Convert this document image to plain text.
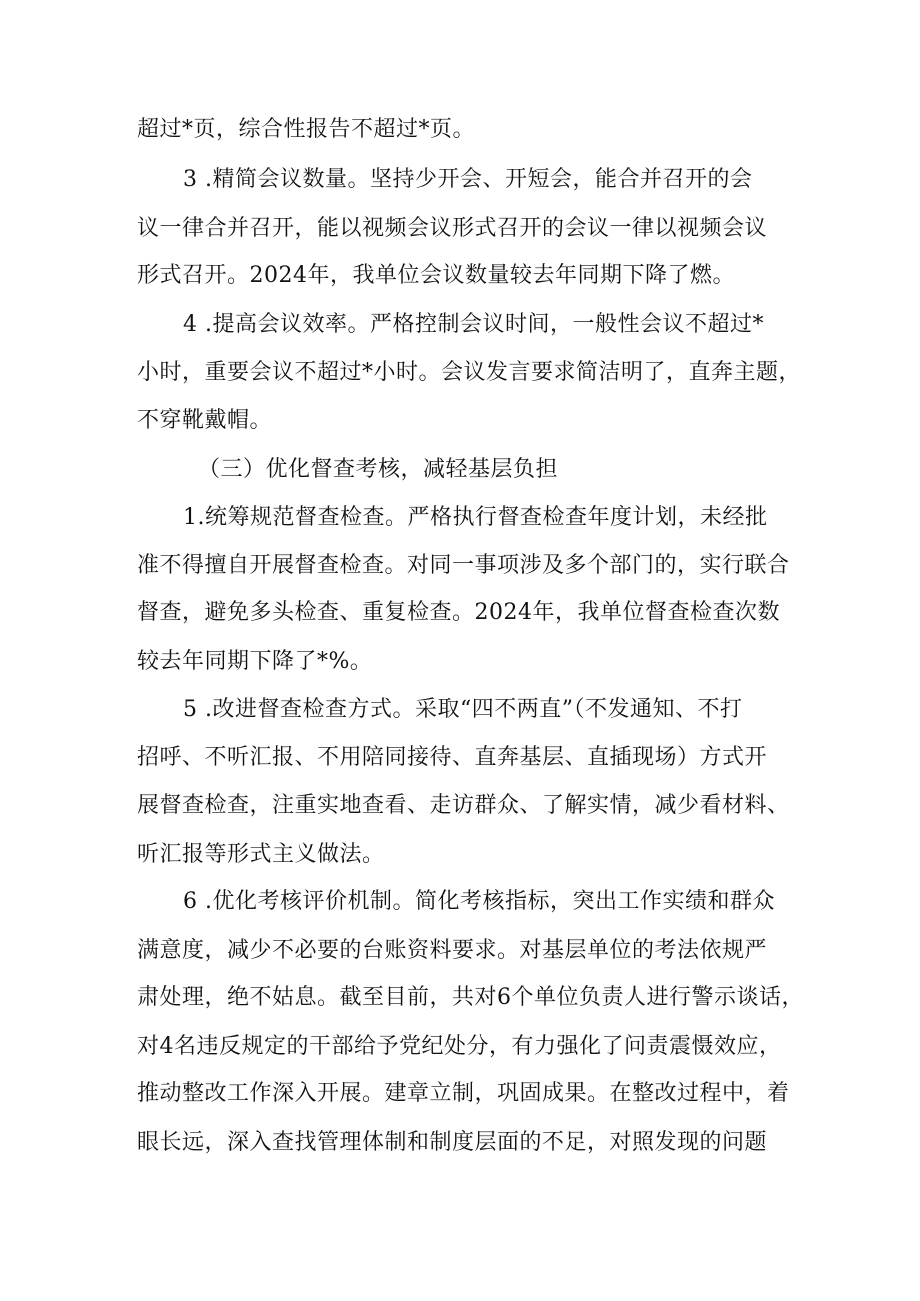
超过*页，综合性报告不超过*页。

3 .精简会议数量。坚持少开会、开短会，能合并召开的会

议一律合并召开，能以视频会议形式召开的会议一律以视频会议

形式召开。2024年，我单位会议数量较去年同期下降了燃。

4 .提高会议效率。严格控制会议时间，一般性会议不超过*

小时，重要会议不超过*小时。会议发言要求简洁明了，直奔主题，

不穿靴戴帽。

（三）优化督查考核，减轻基层负担

1.统筹规范督查检查。严格执行督查检查年度计划，未经批

准不得擅自开展督查检查。对同一事项涉及多个部门的，实行联合

督查，避免多头检查、重复检查。2024年，我单位督查检查次数

较去年同期下降了*%。

5 .改进督查检查方式。采取“四不两直”（不发通知、不打

招呼、不听汇报、不用陪同接待、直奔基层、直插现场）方式开

展督查检查，注重实地查看、走访群众、了解实情，减少看材料、

听汇报等形式主义做法。

6 .优化考核评价机制。简化考核指标，突出工作实绩和群众

满意度，减少不必要的台账资料要求。对基层单位的考法依规严

肃处理，绝不姑息。截至目前，共对6个单位负责人进行警示谈话，

对4名违反规定的干部给予党纪处分，有力强化了问责震慑效应，

推动整改工作深入开展。建章立制，巩固成果。在整改过程中，着

眼长远，深入查找管理体制和制度层面的不足，对照发现的问题
